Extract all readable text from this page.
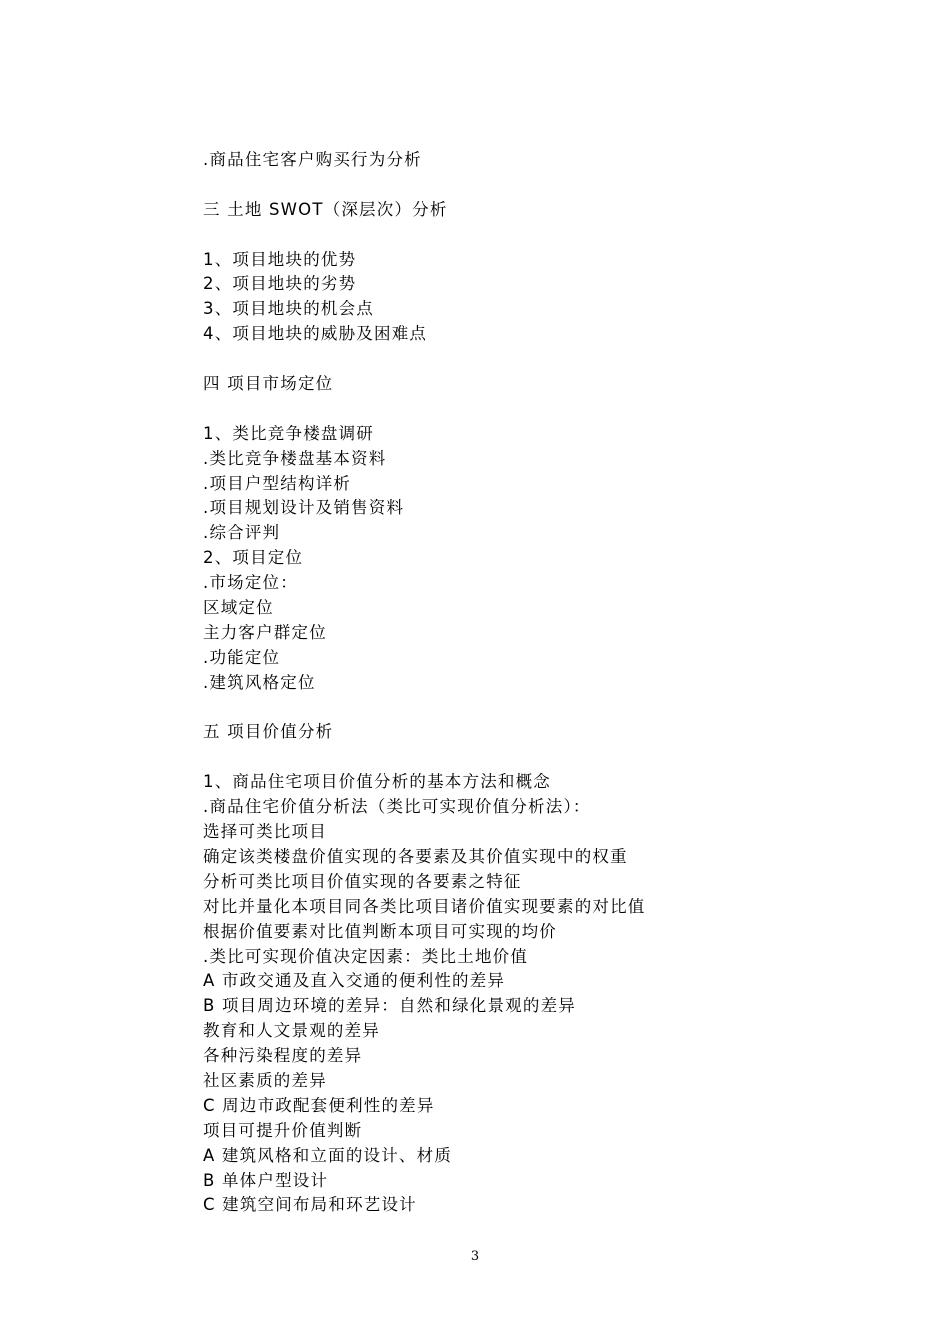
.商品住宅客户购买行为分析
三 土地 SWOT（深层次）分析
1、项目地块的优势
2、项目地块的劣势
3、项目地块的机会点
4、项目地块的威胁及困难点
四 项目市场定位
1、类比竞争楼盘调研
.类比竞争楼盘基本资料
.项目户型结构详析
.项目规划设计及销售资料
.综合评判
2、项目定位
.市场定位：
区域定位
主力客户群定位
.功能定位
.建筑风格定位
五 项目价值分析
1、商品住宅项目价值分析的基本方法和概念
.商品住宅价值分析法（类比可实现价值分析法）：
选择可类比项目
确定该类楼盘价值实现的各要素及其价值实现中的权重
分析可类比项目价值实现的各要素之特征
对比并量化本项目同各类比项目诸价值实现要素的对比值
根据价值要素对比值判断本项目可实现的均价
.类比可实现价值决定因素：类比土地价值
A 市政交通及直入交通的便利性的差异
B 项目周边环境的差异：自然和绿化景观的差异
教育和人文景观的差异
各种污染程度的差异
社区素质的差异
C 周边市政配套便利性的差异
项目可提升价值判断
A 建筑风格和立面的设计、材质
B 单体户型设计
C 建筑空间布局和环艺设计
3
